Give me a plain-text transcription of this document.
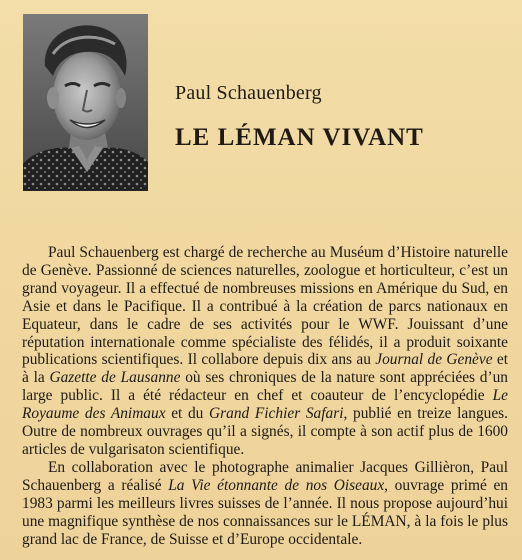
Paul Schauenberg
LE LÉMAN VIVANT

Paul Schauenberg est chargé de recherche au Muséum d’Histoire naturelle de Genève. Passionné de sciences naturelles, zoologue et horticulteur, c’est un grand voyageur. Il a effectué de nombreuses missions en Amérique du Sud, en Asie et dans le Pacifique. Il a contribué à la création de parcs nationaux en Equateur, dans le cadre de ses activités pour le WWF. Jouissant d’une réputation internationale comme spécialiste des félidés, il a produit soixante publications scientifiques. Il collabore depuis dix ans au Journal de Genève et à la Gazette de Lausanne où ses chroniques de la nature sont appréciées d’un large public. Il a été rédacteur en chef et coauteur de l’encyclopédie Le Royaume des Animaux et du Grand Fichier Safari, publié en treize langues. Outre de nombreux ouvrages qu’il a signés, il compte à son actif plus de 1600 articles de vulgarisaton scientifique.

En collaboration avec le photographe animalier Jacques Gillièron, Paul Schauenberg a réalisé La Vie étonnante de nos Oiseaux, ouvrage primé en 1983 parmi les meilleurs livres suisses de l’année. Il nous propose aujourd’hui une magnifique synthèse de nos connaissances sur le LÉMAN, à la fois le plus grand lac de France, de Suisse et d’Europe occidentale.
